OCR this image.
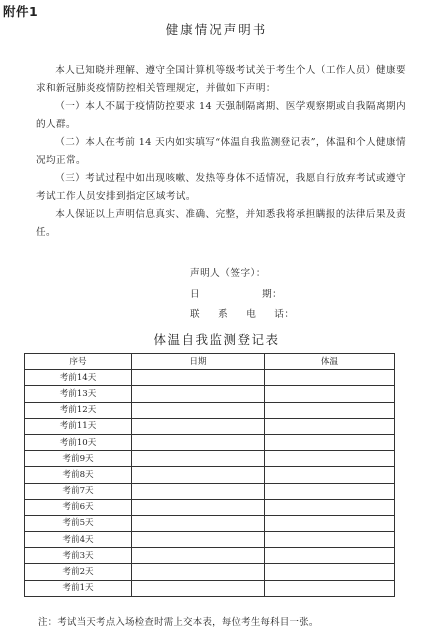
附件1
健康情况声明书

本人已知晓并理解、遵守全国计算机等级考试关于考生个人（工作人员）健康要求和新冠肺炎疫情防控相关管理规定，并做如下声明：

（一）本人不属于疫情防控要求 14 天强制隔离期、医学观察期或自我隔离期内的人群。

（二）本人在考前 14 天内如实填写“体温自我监测登记表”，体温和个人健康情况均正常。

（三）考试过程中如出现咳嗽、发热等身体不适情况，我愿自行放弃考试或遵守考试工作人员安排到指定区域考试。

本人保证以上声明信息真实、准确、完整，并知悉我将承担瞒报的法律后果及责任。

声明人（签字）：
日	期：
联 系 电 话：
体温自我监测登记表
序号	日期	体温
考前14天		
考前13天		
考前12天		
考前11天		
考前10天		
考前9天		
考前8天		
考前7天		
考前6天		
考前5天		
考前4天		
考前3天		
考前2天		
考前1天		
注：考试当天考点入场检查时需上交本表，每位考生每科目一张。
